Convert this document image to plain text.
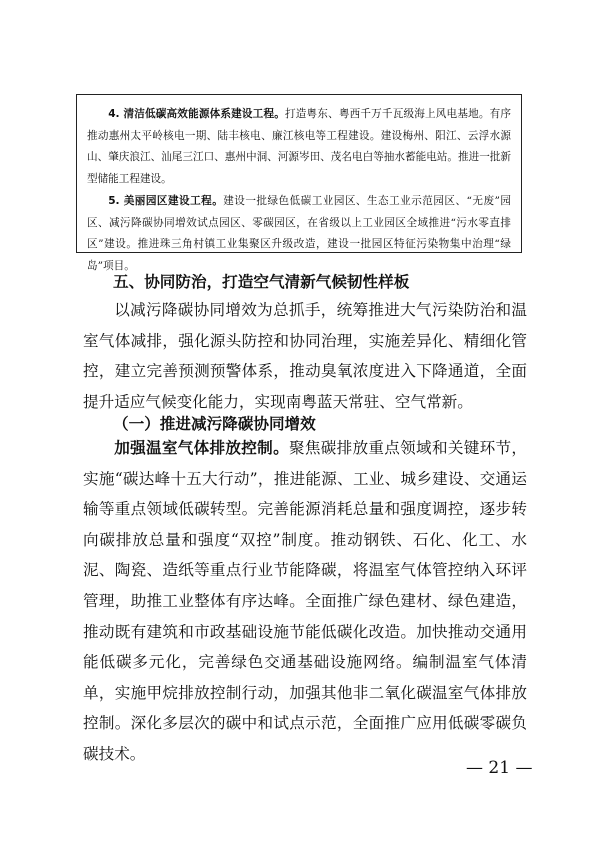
4. 清洁低碳高效能源体系建设工程。打造粤东、粤西千万千瓦级海上风电基地。有序推动惠州太平岭核电一期、陆丰核电、廉江核电等工程建设。建设梅州、阳江、云浮水源山、肇庆浪江、汕尾三江口、惠州中洞、河源岑田、茂名电白等抽水蓄能电站。推进一批新型储能工程建设。

5. 美丽园区建设工程。建设一批绿色低碳工业园区、生态工业示范园区、“无废”园区、减污降碳协同增效试点园区、零碳园区，在省级以上工业园区全域推进“污水零直排区”建设。推进珠三角村镇工业集聚区升级改造，建设一批园区特征污染物集中治理“绿岛”项目。

五、协同防治，打造空气清新气候韧性样板

以减污降碳协同增效为总抓手，统筹推进大气污染防治和温室气体减排，强化源头防控和协同治理，实施差异化、精细化管控，建立完善预测预警体系，推动臭氧浓度进入下降通道，全面提升适应气候变化能力，实现南粤蓝天常驻、空气常新。

（一）推进减污降碳协同增效

加强温室气体排放控制。聚焦碳排放重点领域和关键环节，实施“碳达峰十五大行动”，推进能源、工业、城乡建设、交通运输等重点领域低碳转型。完善能源消耗总量和强度调控，逐步转向碳排放总量和强度“双控”制度。推动钢铁、石化、化工、水泥、陶瓷、造纸等重点行业节能降碳，将温室气体管控纳入环评管理，助推工业整体有序达峰。全面推广绿色建材、绿色建造，推动既有建筑和市政基础设施节能低碳化改造。加快推动交通用能低碳多元化，完善绿色交通基础设施网络。编制温室气体清单，实施甲烷排放控制行动，加强其他非二氧化碳温室气体排放控制。深化多层次的碳中和试点示范，全面推广应用低碳零碳负碳技术。

— 21 —
